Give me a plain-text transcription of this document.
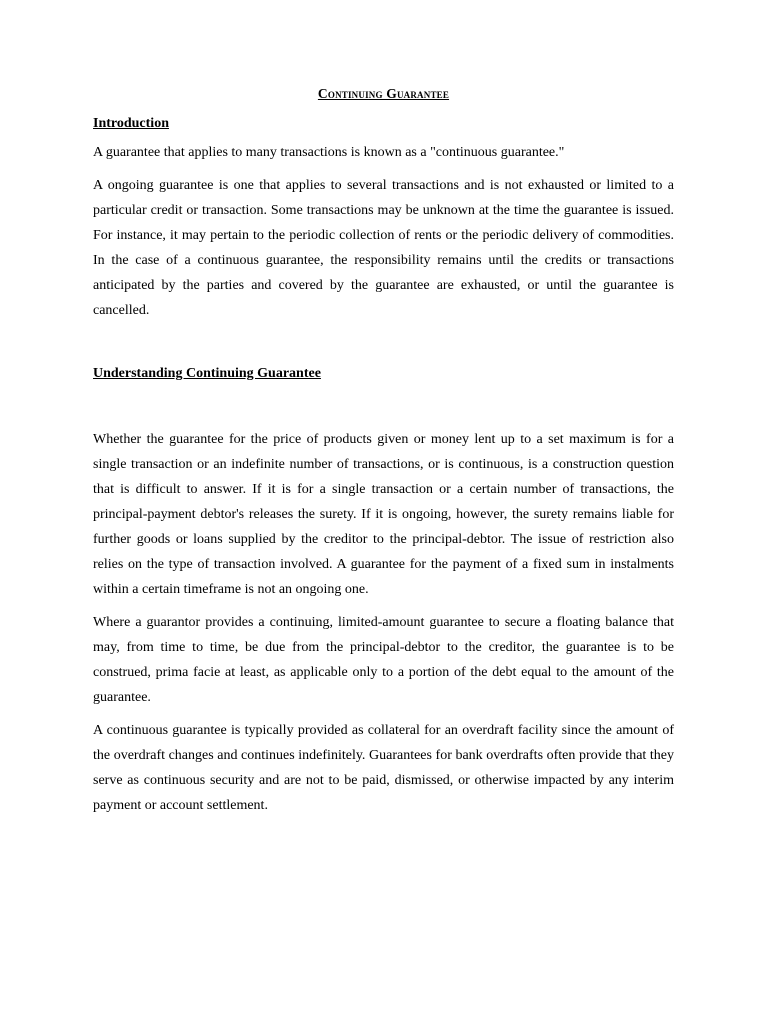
Continuing Guarantee
Introduction

A guarantee that applies to many transactions is known as a "continuous guarantee."

A ongoing guarantee is one that applies to several transactions and is not exhausted or limited to a particular credit or transaction. Some transactions may be unknown at the time the guarantee is issued. For instance, it may pertain to the periodic collection of rents or the periodic delivery of commodities. In the case of a continuous guarantee, the responsibility remains until the credits or transactions anticipated by the parties and covered by the guarantee are exhausted, or until the guarantee is cancelled.

Understanding Continuing Guarantee

Whether the guarantee for the price of products given or money lent up to a set maximum is for a single transaction or an indefinite number of transactions, or is continuous, is a construction question that is difficult to answer. If it is for a single transaction or a certain number of transactions, the principal-payment debtor's releases the surety. If it is ongoing, however, the surety remains liable for further goods or loans supplied by the creditor to the principal-debtor. The issue of restriction also relies on the type of transaction involved. A guarantee for the payment of a fixed sum in instalments within a certain timeframe is not an ongoing one.

Where a guarantor provides a continuing, limited-amount guarantee to secure a floating balance that may, from time to time, be due from the principal-debtor to the creditor, the guarantee is to be construed, prima facie at least, as applicable only to a portion of the debt equal to the amount of the guarantee.

A continuous guarantee is typically provided as collateral for an overdraft facility since the amount of the overdraft changes and continues indefinitely. Guarantees for bank overdrafts often provide that they serve as continuous security and are not to be paid, dismissed, or otherwise impacted by any interim payment or account settlement.
